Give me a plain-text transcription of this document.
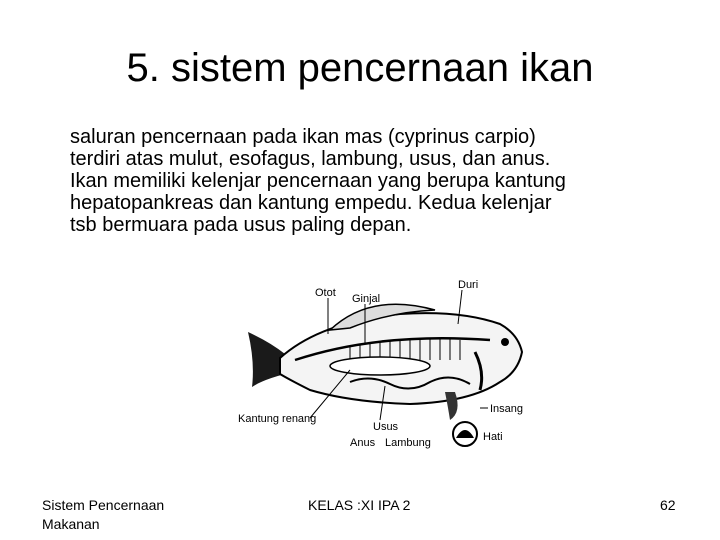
5. sistem pencernaan ikan
saluran pencernaan pada ikan mas (cyprinus carpio)
terdiri atas mulut, esofagus, lambung, usus, dan anus.
Ikan memiliki kelenjar pencernaan yang berupa kantung
hepatopankreas dan kantung empedu. Kedua kelenjar
tsb bermuara pada usus paling depan.
Otot Ginjal
Duri
Insang
Kantung renang
Usus
Anus Lambung	Hati
Sistem Pencernaan
Makanan
KELAS :XI IPA 2	62
